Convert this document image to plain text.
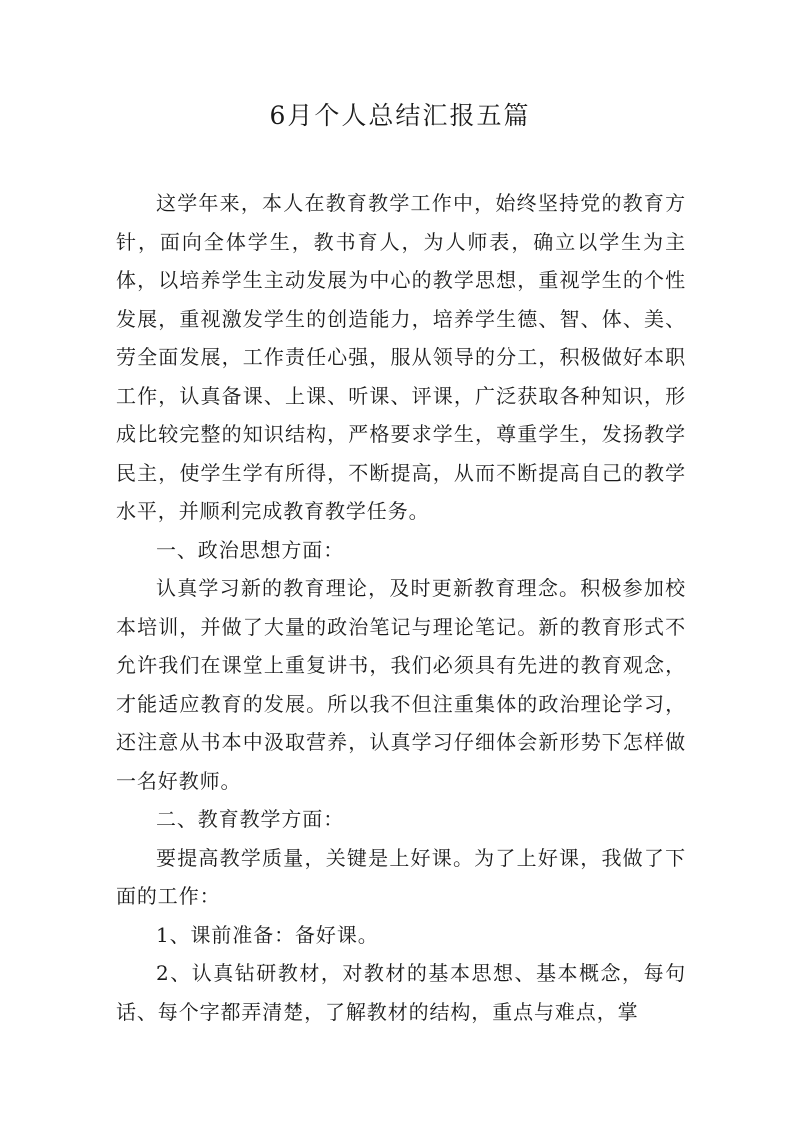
6月个人总结汇报五篇

这学年来，本人在教育教学工作中，始终坚持党的教育方针，面向全体学生，教书育人，为人师表，确立以学生为主体，以培养学生主动发展为中心的教学思想，重视学生的个性发展，重视激发学生的创造能力，培养学生德、智、体、美、劳全面发展，工作责任心强，服从领导的分工，积极做好本职工作，认真备课、上课、听课、评课，广泛获取各种知识，形成比较完整的知识结构，严格要求学生，尊重学生，发扬教学民主，使学生学有所得，不断提高，从而不断提高自己的教学水平，并顺利完成教育教学任务。

一、政治思想方面：

认真学习新的教育理论，及时更新教育理念。积极参加校本培训，并做了大量的政治笔记与理论笔记。新的教育形式不允许我们在课堂上重复讲书，我们必须具有先进的教育观念，才能适应教育的发展。所以我不但注重集体的政治理论学习，还注意从书本中汲取营养，认真学习仔细体会新形势下怎样做一名好教师。

二、教育教学方面：

要提高教学质量，关键是上好课。为了上好课，我做了下面的工作：

1、课前准备：备好课。

2、认真钻研教材，对教材的基本思想、基本概念，每句话、每个字都弄清楚，了解教材的结构，重点与难点，掌
